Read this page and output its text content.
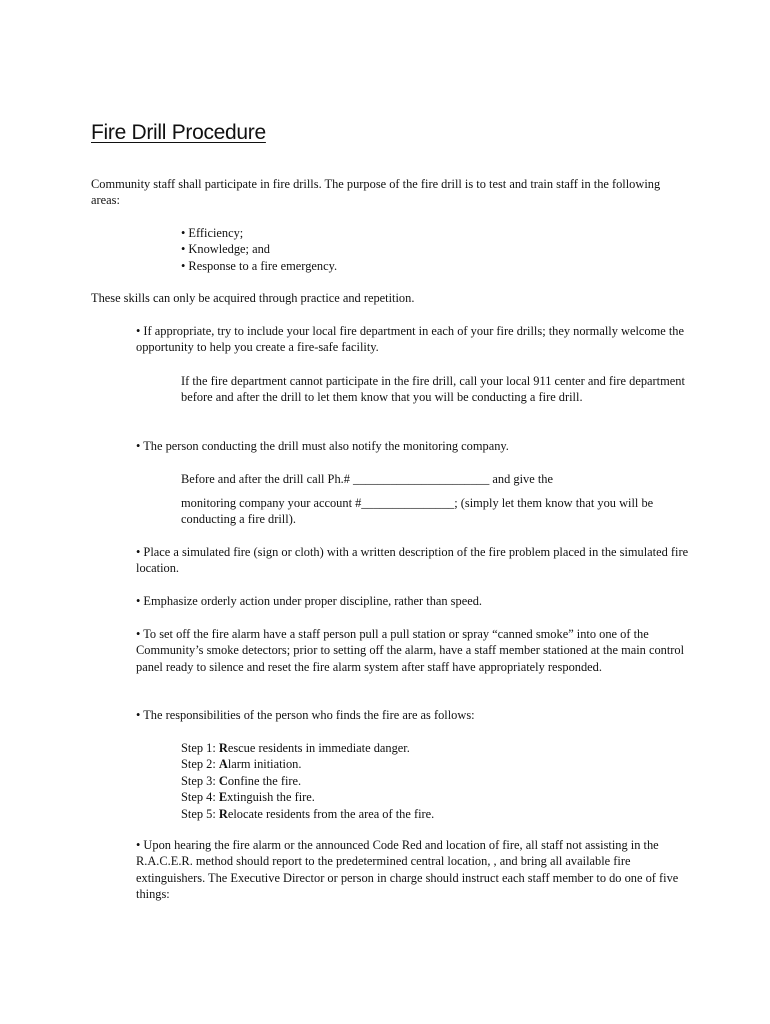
Fire Drill Procedure

Community staff shall participate in fire drills. The purpose of the fire drill is to test and train staff in the following areas:

• Efficiency;
• Knowledge; and
• Response to a fire emergency.

These skills can only be acquired through practice and repetition.

• If appropriate, try to include your local fire department in each of your fire drills; they normally welcome the opportunity to help you create a fire-safe facility.

If the fire department cannot participate in the fire drill, call your local 911 center and fire department before and after the drill to let them know that you will be conducting a fire drill.

• The person conducting the drill must also notify the monitoring company.

Before and after the drill call Ph.# ______________________ and give the

monitoring company your account #_______________; (simply let them know that you will be conducting a fire drill).

• Place a simulated fire (sign or cloth) with a written description of the fire problem placed in the simulated fire location.

• Emphasize orderly action under proper discipline, rather than speed.

• To set off the fire alarm have a staff person pull a pull station or spray “canned smoke” into one of the Community’s smoke detectors; prior to setting off the alarm, have a staff member stationed at the main control panel ready to silence and reset the fire alarm system after staff have appropriately responded.

• The responsibilities of the person who finds the fire are as follows:

Step 1: Rescue residents in immediate danger.
Step 2: Alarm initiation.
Step 3: Confine the fire.
Step 4: Extinguish the fire.
Step 5: Relocate residents from the area of the fire.

• Upon hearing the fire alarm or the announced Code Red and location of fire, all staff not assisting in the R.A.C.E.R. method should report to the predetermined central location, , and bring all available fire extinguishers. The Executive Director or person in charge should instruct each staff member to do one of five things:
